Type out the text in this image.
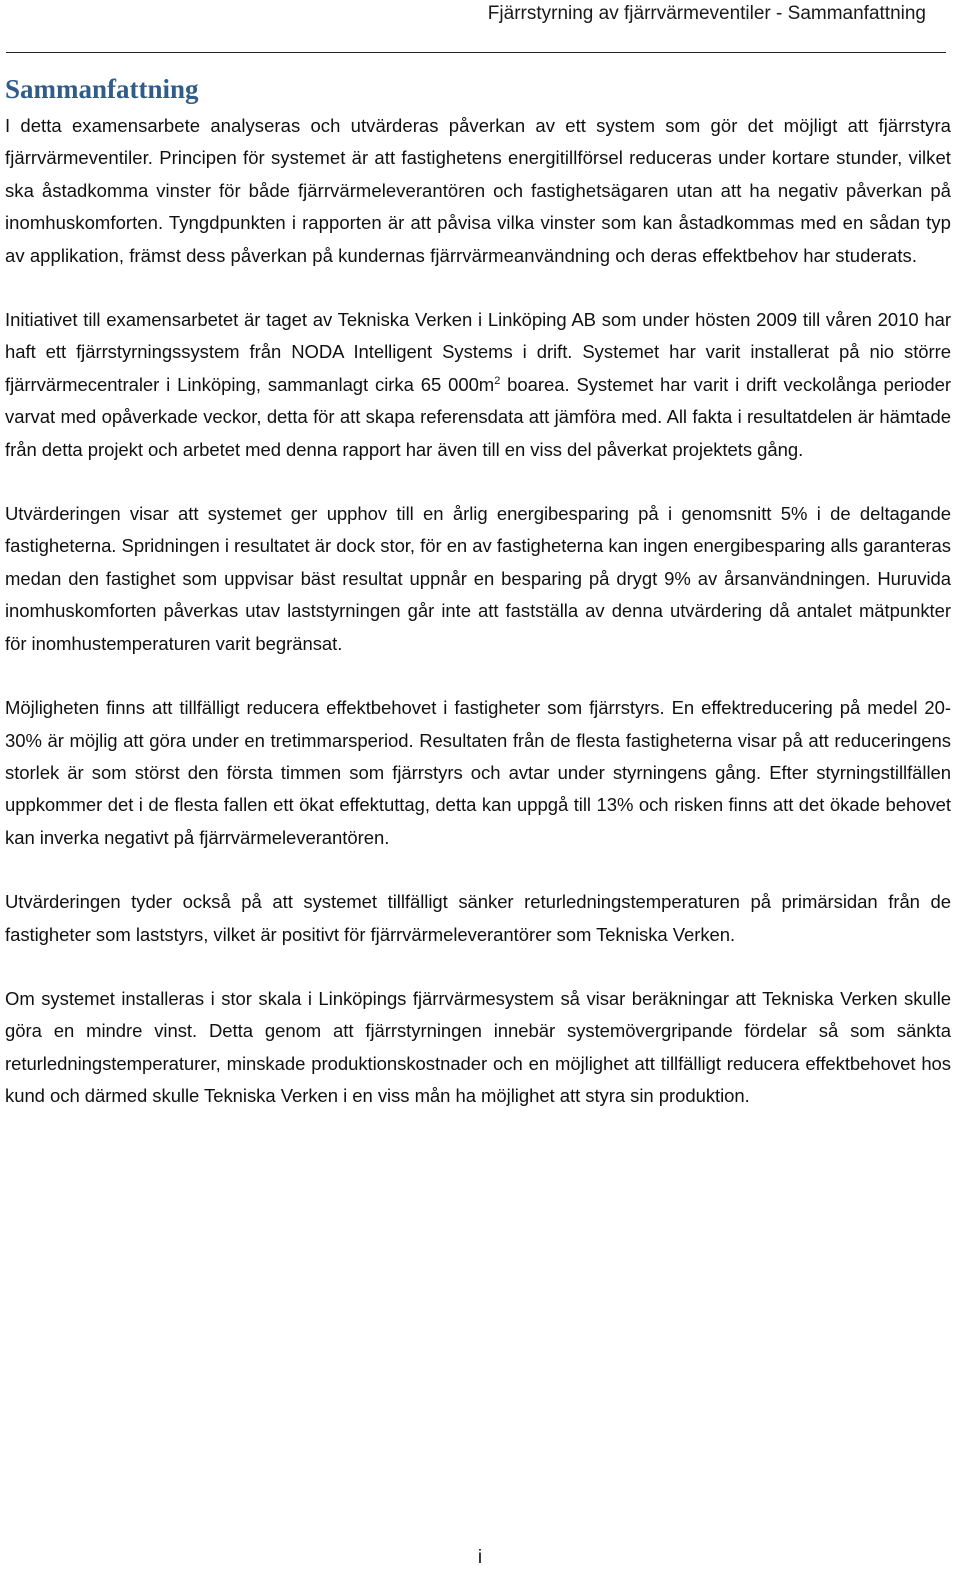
Fjärrstyrning av fjärrvärmeventiler - Sammanfattning
Sammanfattning

I detta examensarbete analyseras och utvärderas påverkan av ett system som gör det möjligt att fjärrstyra fjärrvärmeventiler. Principen för systemet är att fastighetens energitillförsel reduceras under kortare stunder, vilket ska åstadkomma vinster för både fjärrvärmeleverantören och fastighetsägaren utan att ha negativ påverkan på inomhuskomforten. Tyngdpunkten i rapporten är att påvisa vilka vinster som kan åstadkommas med en sådan typ av applikation, främst dess påverkan på kundernas fjärrvärmeanvändning och deras effektbehov har studerats.

Initiativet till examensarbetet är taget av Tekniska Verken i Linköping AB som under hösten 2009 till våren 2010 har haft ett fjärrstyrningssystem från NODA Intelligent Systems i drift. Systemet har varit installerat på nio större fjärrvärmecentraler i Linköping, sammanlagt cirka 65 $000m^2$ boarea. Systemet har varit i drift veckolånga perioder varvat med opåverkade veckor, detta för att skapa referensdata att jämföra med. All fakta i resultatdelen är hämtade från detta projekt och arbetet med denna rapport har även till en viss del påverkat projektets gång.

Utvärderingen visar att systemet ger upphov till en årlig energibesparing på i genomsnitt 5% i de deltagande fastigheterna. Spridningen i resultatet är dock stor, för en av fastigheterna kan ingen energibesparing alls garanteras medan den fastighet som uppvisar bäst resultat uppnår en besparing på drygt 9% av årsanvändningen. Huruvida inomhuskomforten påverkas utav laststyrningen går inte att fastställa av denna utvärdering då antalet mätpunkter för inomhustemperaturen varit begränsat.

Möjligheten finns att tillfälligt reducera effektbehovet i fastigheter som fjärrstyrs. En effektreducering på medel 20-30% är möjlig att göra under en tretimmarsperiod. Resultaten från de flesta fastigheterna visar på att reduceringens storlek är som störst den första timmen som fjärrstyrs och avtar under styrningens gång. Efter styrningstillfällen uppkommer det i de flesta fallen ett ökat effektuttag, detta kan uppgå till 13% och risken finns att det ökade behovet kan inverka negativt på fjärrvärmeleverantören.

Utvärderingen tyder också på att systemet tillfälligt sänker returledningstemperaturen på primärsidan från de fastigheter som laststyrs, vilket är positivt för fjärrvärmeleverantörer som Tekniska Verken.

Om systemet installeras i stor skala i Linköpings fjärrvärmesystem så visar beräkningar att Tekniska Verken skulle göra en mindre vinst. Detta genom att fjärrstyrningen innebär systemövergripande fördelar så som sänkta returledningstemperaturer, minskade produktionskostnader och en möjlighet att tillfälligt reducera effektbehovet hos kund och därmed skulle Tekniska Verken i en viss mån ha möjlighet att styra sin produktion.

i
